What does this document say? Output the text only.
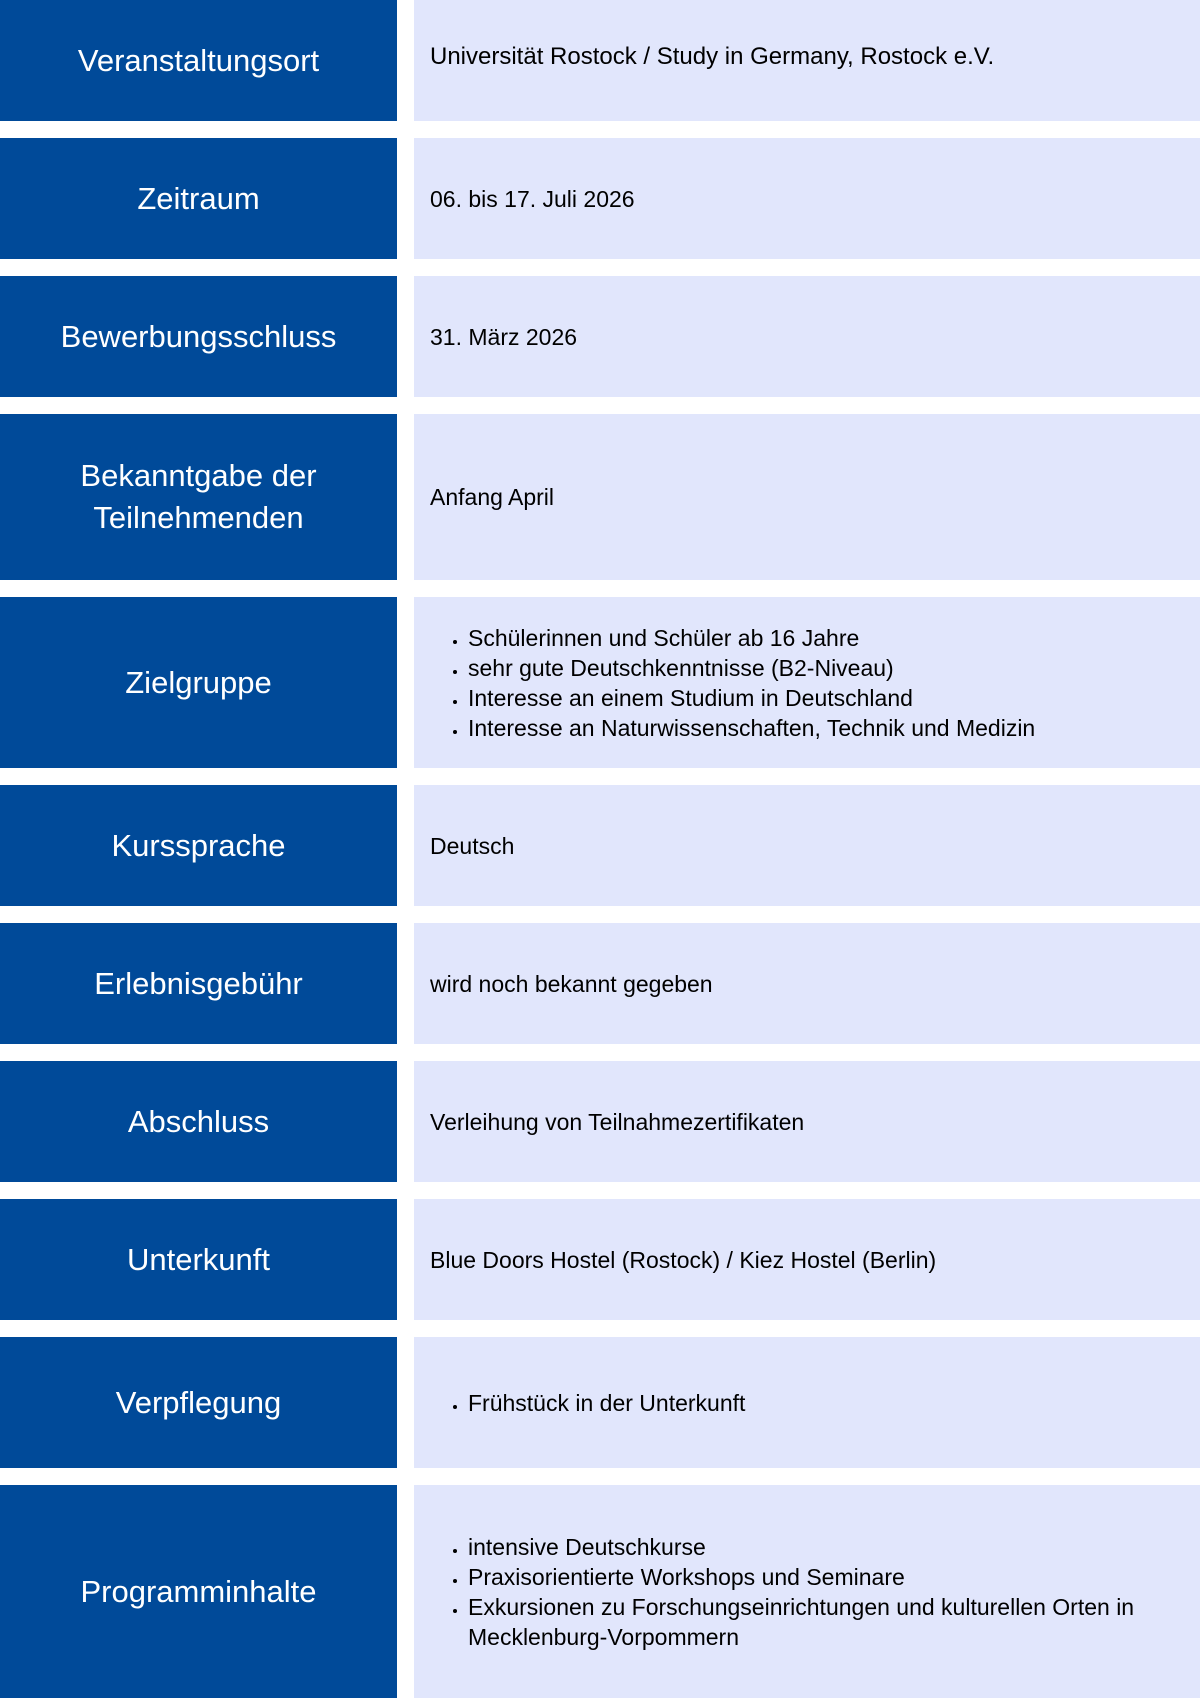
Veranstaltungsort	Universität Rostock / Study in Germany, Rostock e.V.
Zeitraum	06. bis 17. Juli 2026
Bewerbungsschluss	31. März 2026
Bekanntgabe der Teilnehmenden
Anfang April
Zielgruppe
• Schülerinnen und Schüler ab 16 Jahre
• sehr gute Deutschkenntnisse (B2-Niveau)
• Interesse an einem Studium in Deutschland
• Interesse an Naturwissenschaften, Technik und Medizin
Kurssprache	Deutsch
Erlebnisgebühr	wird noch bekannt gegeben
Abschluss	Verleihung von Teilnahmezertifikaten
Unterkunft	Blue Doors Hostel (Rostock) / Kiez Hostel (Berlin)
Verpflegung
•	Frühstück in der Unterkunft
Programminhalte
• intensive Deutschkurse
• Praxisorientierte Workshops und Seminare
• Exkursionen zu Forschungseinrichtungen und kulturellen Orten in Mecklenburg-Vorpommern
